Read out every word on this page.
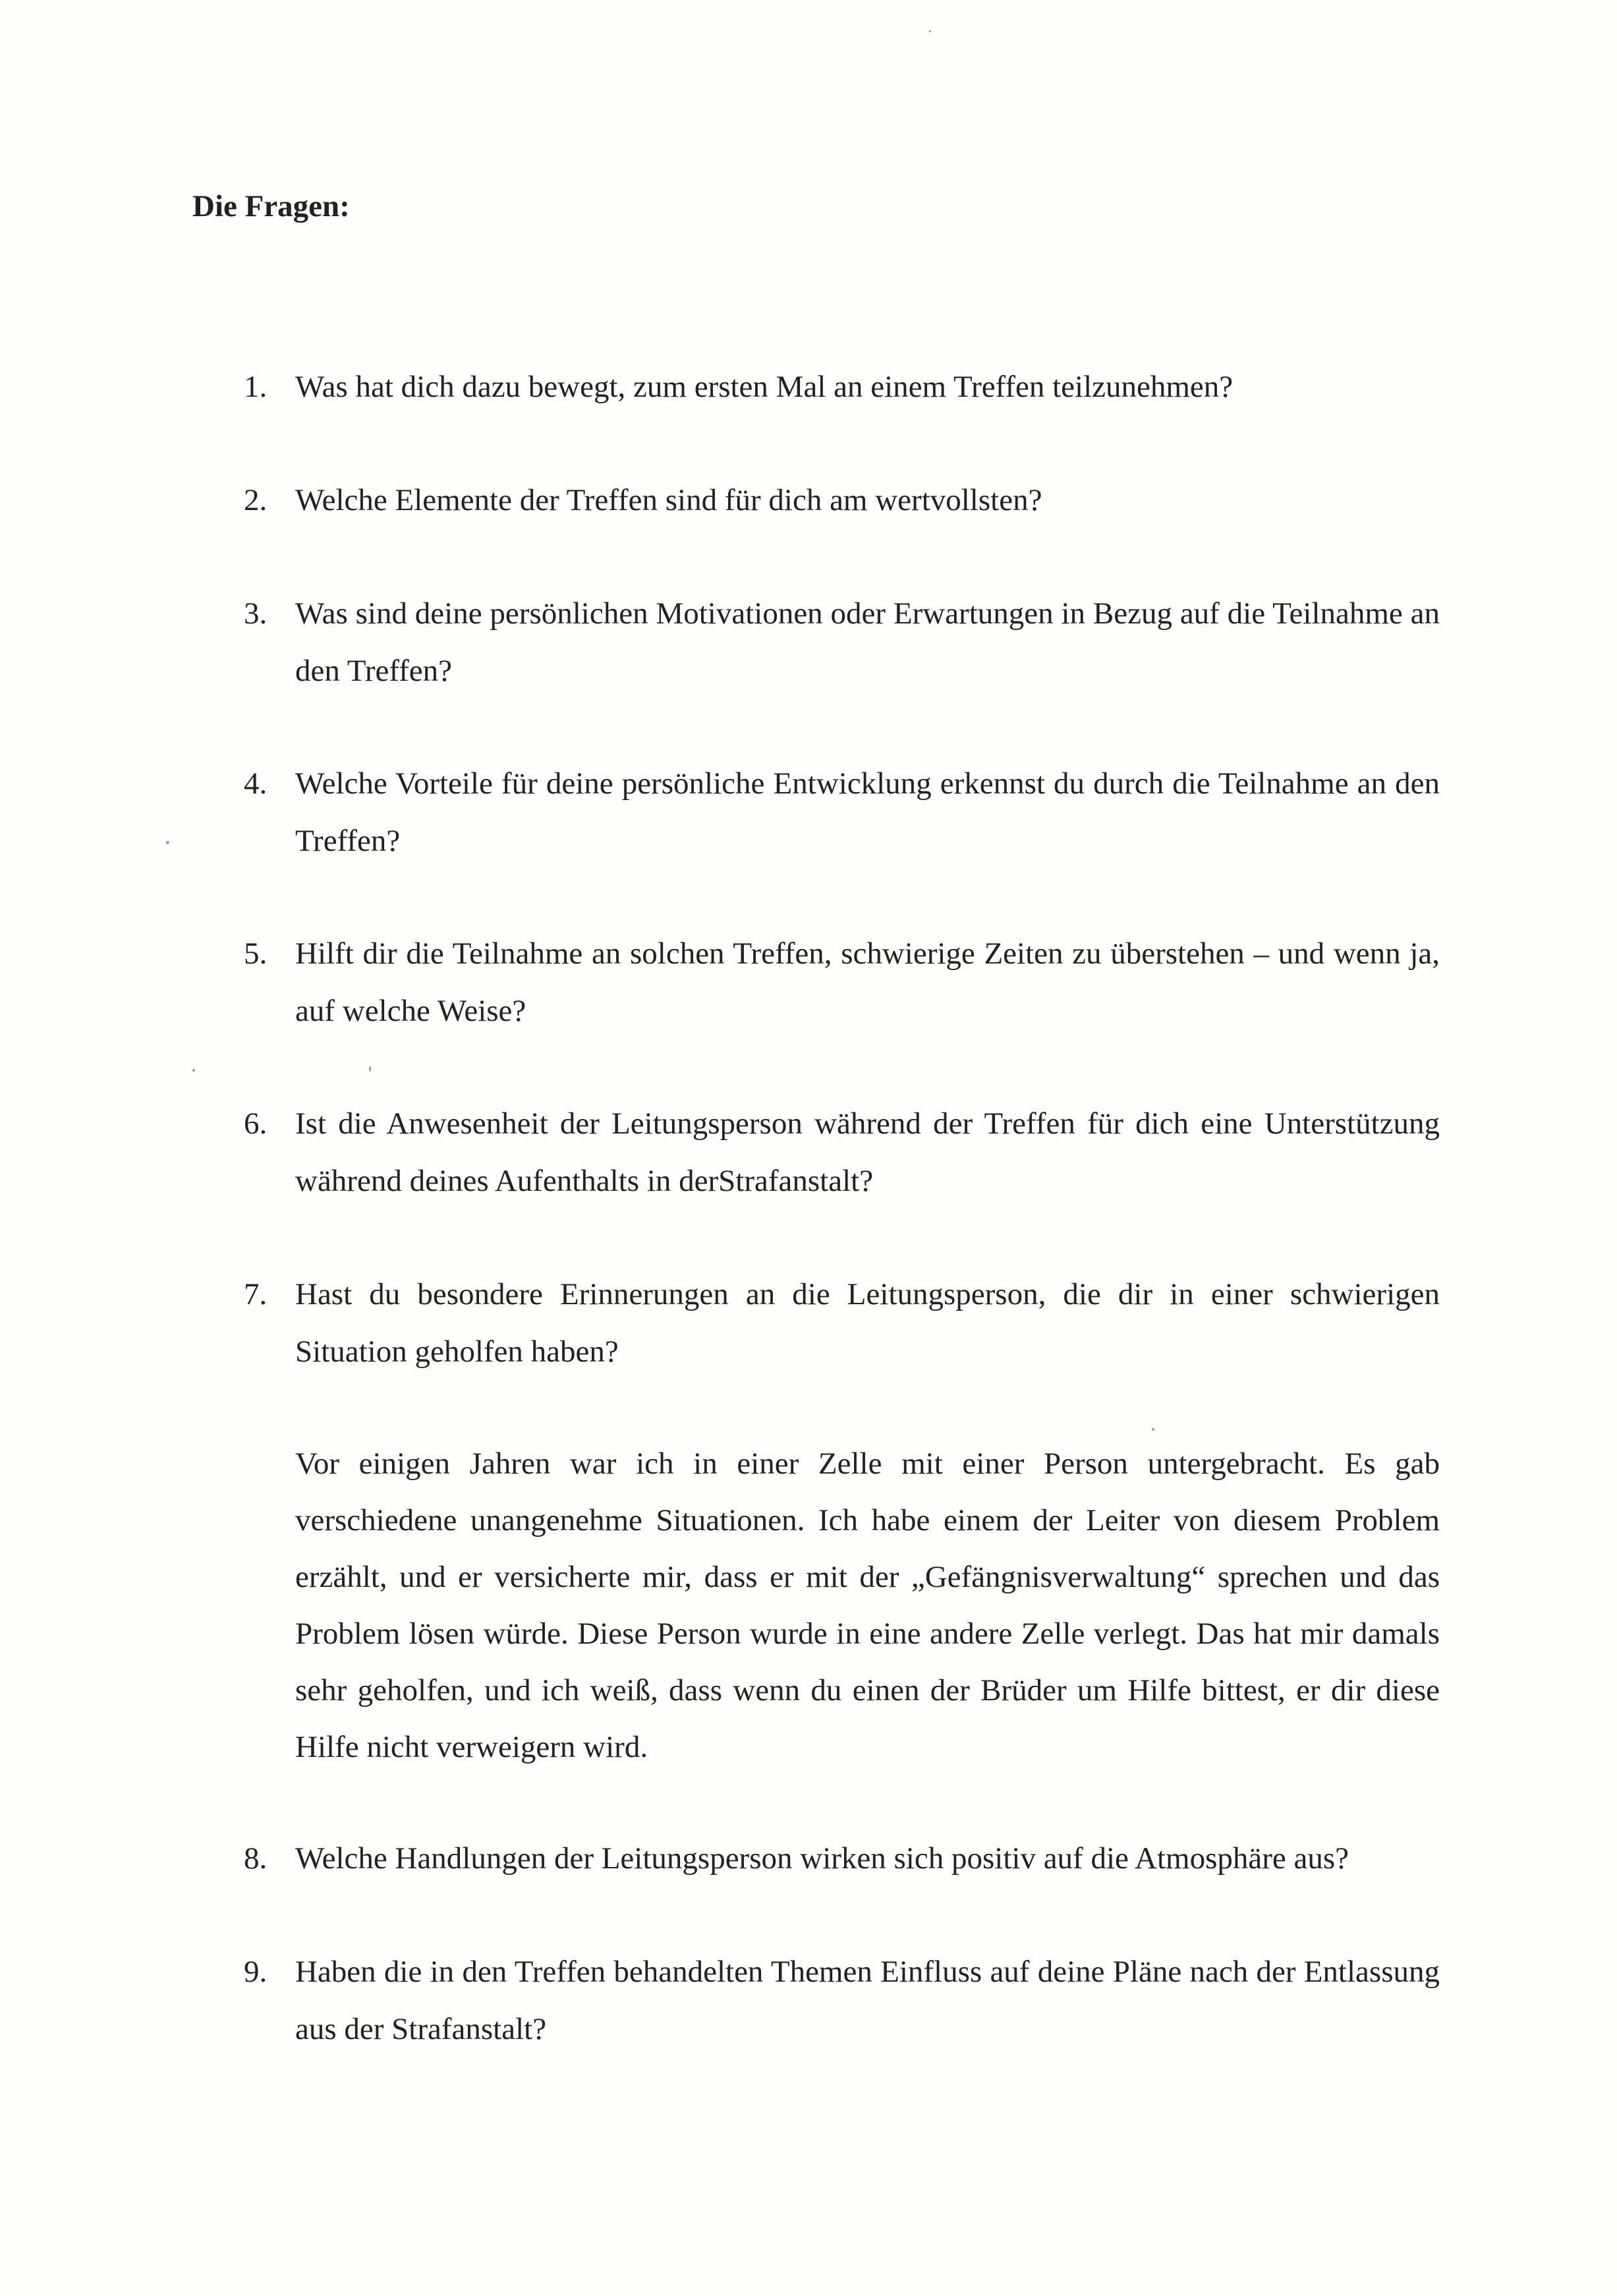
Die Fragen:
1. Was hat dich dazu bewegt, zum ersten Mal an einem Treffen teilzunehmen?
2. Welche Elemente der Treffen sind für dich am wertvollsten?
3. Was sind deine persönlichen Motivationen oder Erwartungen in Bezug auf die Teilnahme an den Treffen?
4. Welche Vorteile für deine persönliche Entwicklung erkennst du durch die Teilnahme an den Treffen?
5. Hilft dir die Teilnahme an solchen Treffen, schwierige Zeiten zu überstehen – und wenn ja, auf welche Weise?
6. Ist die Anwesenheit der Leitungsperson während der Treffen für dich eine Unterstützung während deines Aufenthalts in derStrafanstalt?
7. Hast du besondere Erinnerungen an die Leitungsperson, die dir in einer schwierigen Situation geholfen haben?

Vor einigen Jahren war ich in einer Zelle mit einer Person untergebracht. Es gab verschiedene unangenehme Situationen. Ich habe einem der Leiter von diesem Problem erzählt, und er versicherte mir, dass er mit der „Gefängnisverwaltung“ sprechen und das Problem lösen würde. Diese Person wurde in eine andere Zelle verlegt. Das hat mir damals sehr geholfen, und ich weiß, dass wenn du einen der Brüder um Hilfe bittest, er dir diese Hilfe nicht verweigern wird.

8. Welche Handlungen der Leitungsperson wirken sich positiv auf die Atmosphäre aus?
9. Haben die in den Treffen behandelten Themen Einfluss auf deine Pläne nach der Entlassung aus der Strafanstalt?
